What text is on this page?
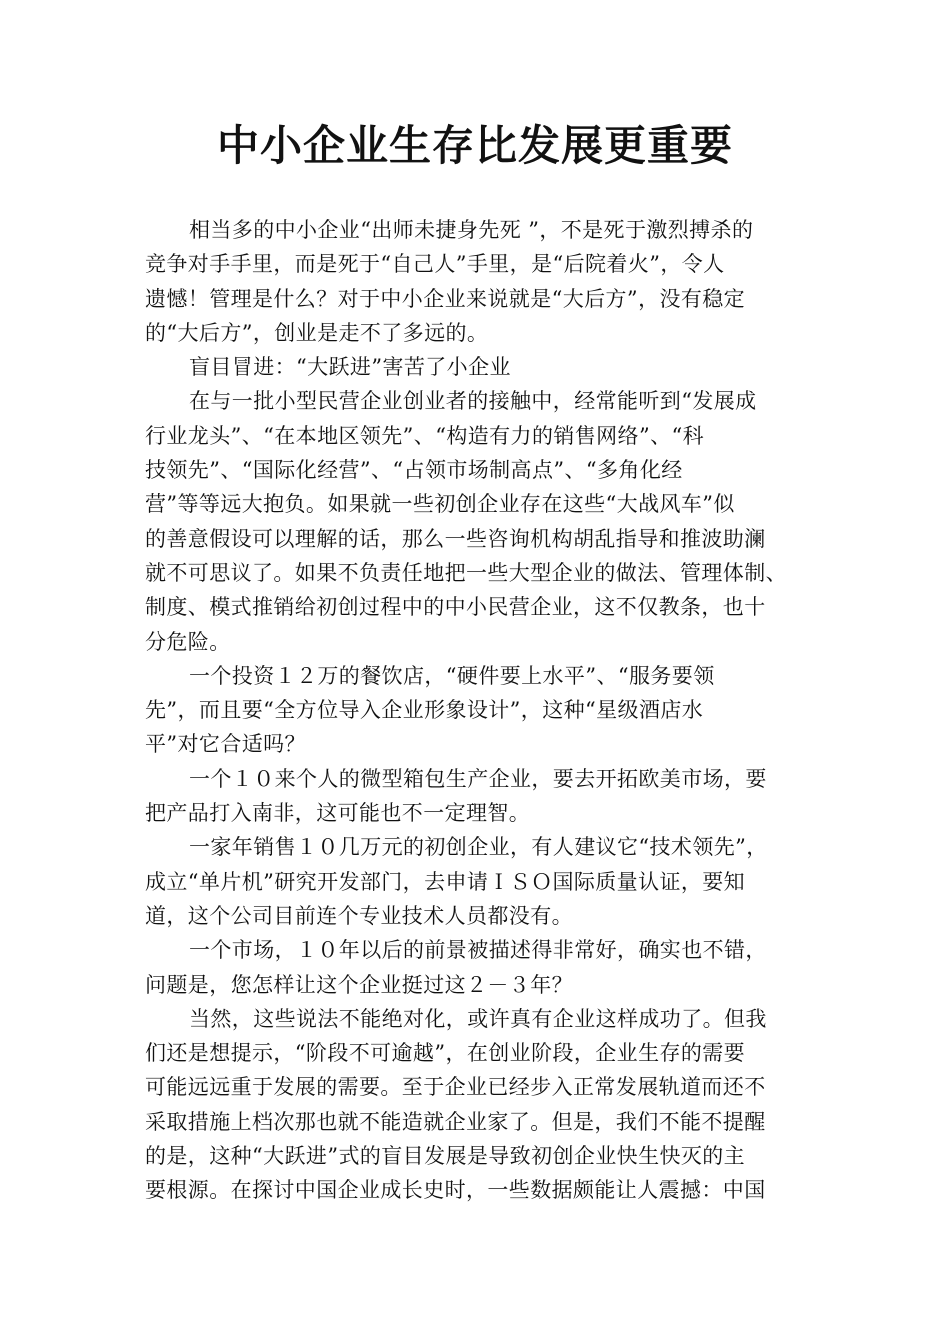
中小企业生存比发展更重要
相当多的中小企业“出师未捷身先死 ”，不是死于激烈搏杀的
竞争对手手里，而是死于“自己人”手里，是“后院着火”，令人
遗憾！管理是什么？对于中小企业来说就是“大后方”，没有稳定
的“大后方”，创业是走不了多远的。
盲目冒进：“大跃进”害苦了小企业
在与一批小型民营企业创业者的接触中，经常能听到“发展成
行业龙头”、“在本地区领先”、“构造有力的销售网络”、“科
技领先”、“国际化经营”、“占领市场制高点”、“多角化经
营”等等远大抱负。如果就一些初创企业存在这些“大战风车”似
的善意假设可以理解的话，那么一些咨询机构胡乱指导和推波助澜
就不可思议了。如果不负责任地把一些大型企业的做法、管理体制、
制度、模式推销给初创过程中的中小民营企业，这不仅教条，也十
分危险。
一个投资１２万的餐饮店，“硬件要上水平”、“服务要领
先”，而且要“全方位导入企业形象设计”，这种“星级酒店水
平”对它合适吗？
一个１０来个人的微型箱包生产企业，要去开拓欧美市场，要
把产品打入南非，这可能也不一定理智。
一家年销售１０几万元的初创企业，有人建议它“技术领先”，
成立“单片机”研究开发部门，去申请ＩＳＯ国际质量认证，要知
道，这个公司目前连个专业技术人员都没有。
一个市场，１０年以后的前景被描述得非常好，确实也不错，
问题是，您怎样让这个企业挺过这２－３年？
当然，这些说法不能绝对化，或许真有企业这样成功了。但我
们还是想提示，“阶段不可逾越”，在创业阶段，企业生存的需要
可能远远重于发展的需要。至于企业已经步入正常发展轨道而还不
采取措施上档次那也就不能造就企业家了。但是，我们不能不提醒
的是，这种“大跃进”式的盲目发展是导致初创企业快生快灭的主
要根源。在探讨中国企业成长史时，一些数据颇能让人震撼：中国
